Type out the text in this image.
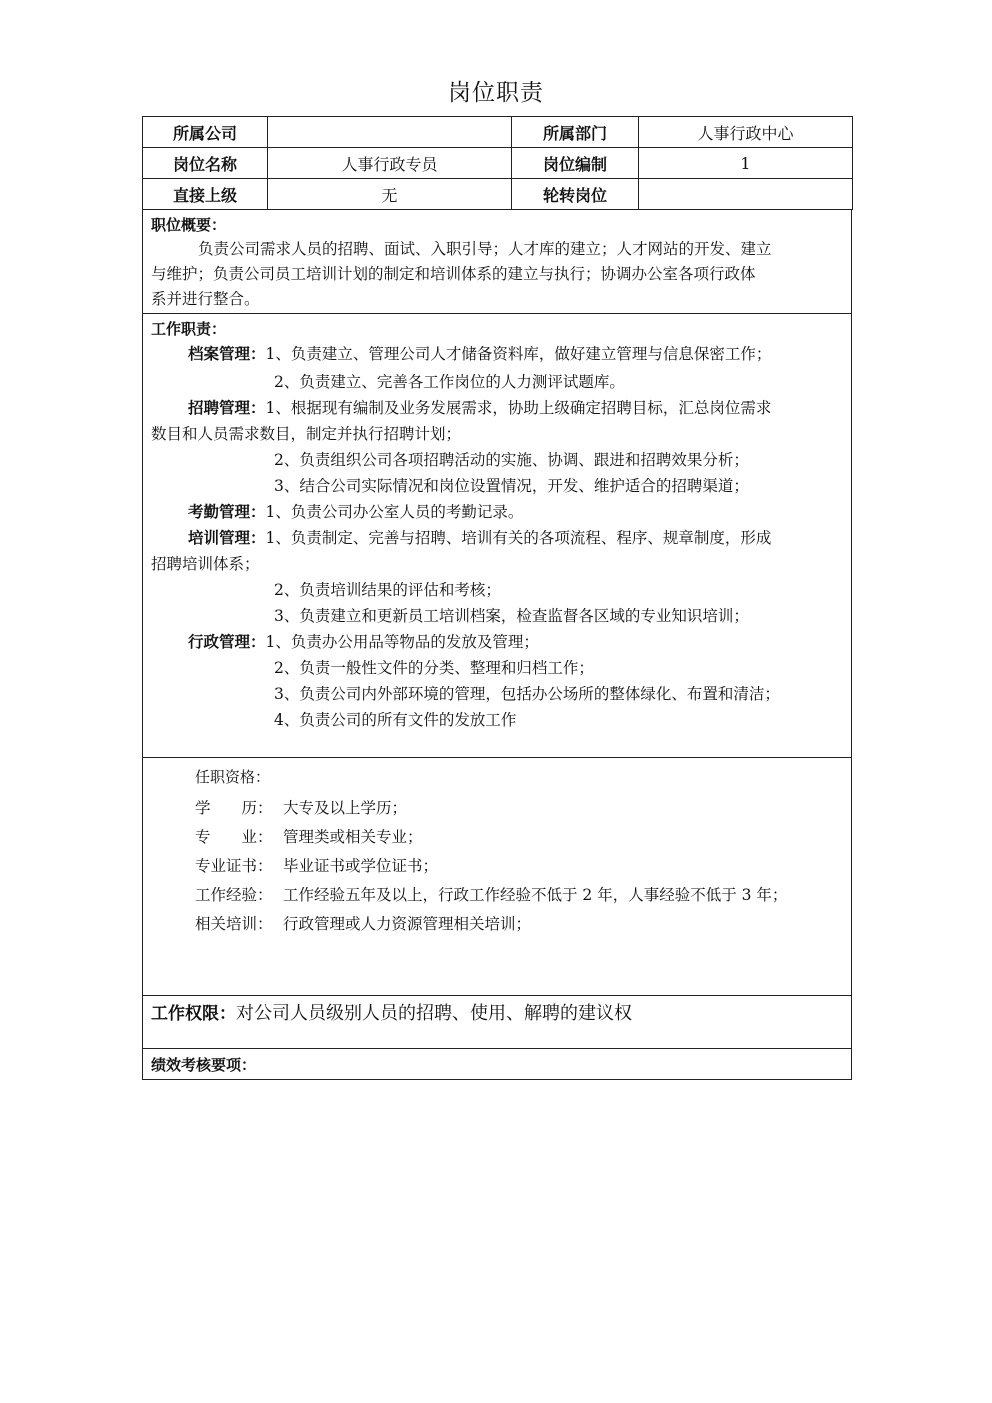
岗位职责
所属公司		所属部门	人事行政中心
岗位名称	人事行政专员	岗位编制	1
直接上级	无	轮转岗位	
职位概要：
负责公司需求人员的招聘、面试、入职引导；人才库的建立；人才网站的开发、建立
与维护；负责公司员工培训计划的制定和培训体系的建立与执行；协调办公室各项行政体
系并进行整合。
工作职责：
档案管理：1、负责建立、管理公司人才储备资料库，做好建立管理与信息保密工作；
2、负责建立、完善各工作岗位的人力测评试题库。
招聘管理：1、根据现有编制及业务发展需求，协助上级确定招聘目标，汇总岗位需求
数目和人员需求数目，制定并执行招聘计划；
2、负责组织公司各项招聘活动的实施、协调、跟进和招聘效果分析；
3、结合公司实际情况和岗位设置情况，开发、维护适合的招聘渠道；
考勤管理：1、负责公司办公室人员的考勤记录。
培训管理：1、负责制定、完善与招聘、培训有关的各项流程、程序、规章制度，形成
招聘培训体系；
2、负责培训结果的评估和考核；
3、负责建立和更新员工培训档案，检查监督各区域的专业知识培训；
行政管理：1、负责办公用品等物品的发放及管理；
2、负责一般性文件的分类、整理和归档工作；
3、负责公司内外部环境的管理，包括办公场所的整体绿化、布置和清洁；
4、负责公司的所有文件的发放工作
任职资格：
学　　历： 大专及以上学历；
专　　业： 管理类或相关专业；
专业证书： 毕业证书或学位证书；
工作经验： 工作经验五年及以上，行政工作经验不低于 2 年，人事经验不低于 3 年；
相关培训： 行政管理或人力资源管理相关培训；
工作权限：对公司人员级别人员的招聘、使用、解聘的建议权
绩效考核要项：
